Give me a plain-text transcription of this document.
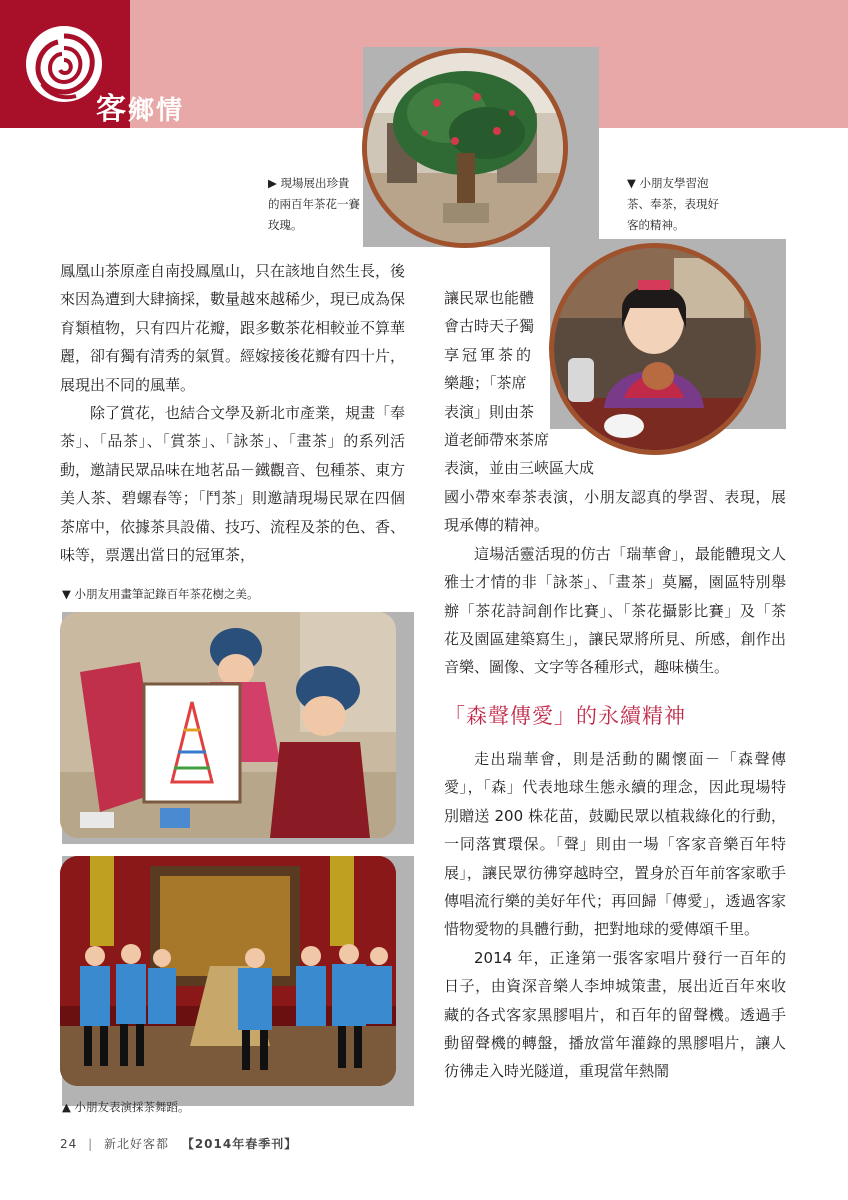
客鄉情
▶ 現場展出珍貴的兩百年茶花一賽玫瑰。
▼ 小朋友學習泡茶、奉茶，表現好客的精神。

鳳凰山茶原產自南投鳳凰山，只在該地自然生長，後來因為遭到大肆摘採，數量越來越稀少，現已成為保育類植物，只有四片花瓣，跟多數茶花相較並不算華麗，卻有獨有清秀的氣質。經嫁接後花瓣有四十片，展現出不同的風華。

除了賞花，也結合文學及新北市產業，規畫「奉茶」、「品茶」、「賞茶」、「詠茶」、「畫茶」的系列活動，邀請民眾品味在地茗品－鐵觀音、包種茶、東方美人茶、碧螺春等；「鬥茶」則邀請現場民眾在四個茶席中，依據茶具設備、技巧、流程及茶的色、香、味等，票選出當日的冠軍茶，

讓民眾也能體
會古時天子獨
享冠軍茶的
樂趣；「茶席
表演」則由茶
道老師帶來茶席
表演，並由三峽區大成

國小帶來奉茶表演，小朋友認真的學習、表現，展現承傳的精神。

這場活靈活現的仿古「瑞華會」，最能體現文人雅士才情的非「詠茶」、「畫茶」莫屬，園區特別舉辦「茶花詩詞創作比賽」、「茶花攝影比賽」及「茶花及園區建築寫生」，讓民眾將所見、所感，創作出音樂、圖像、文字等各種形式，趣味橫生。

「森聲傳愛」的永續精神

走出瑞華會，則是活動的關懷面－「森聲傳愛」，「森」代表地球生態永續的理念，因此現場特別贈送 200 株花苗，鼓勵民眾以植栽綠化的行動，一同落實環保。「聲」則由一場「客家音樂百年特展」，讓民眾彷彿穿越時空，置身於百年前客家歌手傳唱流行樂的美好年代；再回歸「傳愛」，透過客家惜物愛物的具體行動，把對地球的愛傳頌千里。

2014 年，正逢第一張客家唱片發行一百年的日子，由資深音樂人李坤城策畫，展出近百年來收藏的各式客家黑膠唱片，和百年的留聲機。透過手動留聲機的轉盤，播放當年灌錄的黑膠唱片，讓人彷彿走入時光隧道，重現當年熱鬧

▼ 小朋友用畫筆記錄百年茶花樹之美。
▲ 小朋友表演採茶舞蹈。
24 | 新北好客都 【2014年春季刊】
